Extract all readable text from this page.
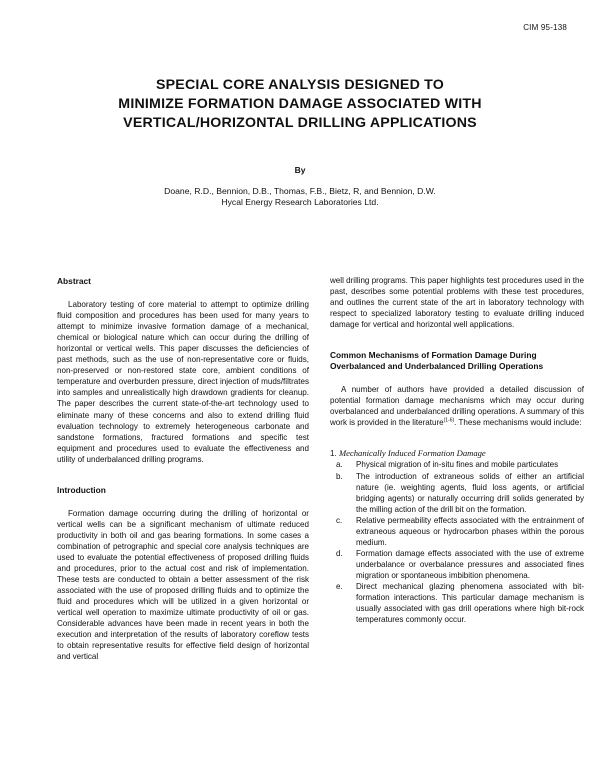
CIM 95-138
SPECIAL CORE ANALYSIS DESIGNED TO
MINIMIZE FORMATION DAMAGE ASSOCIATED WITH
VERTICAL/HORIZONTAL DRILLING APPLICATIONS
By
Doane, R.D., Bennion, D.B., Thomas, F.B., Bietz, R, and Bennion, D.W.
Hycal Energy Research Laboratories Ltd.
Abstract

Laboratory testing of core material to attempt to optimize drilling fluid composition and procedures has been used for many years to attempt to minimize invasive formation damage of a mechanical, chemical or biological nature which can occur during the drilling of horizontal or vertical wells. This paper discusses the deficiencies of past methods, such as the use of non-representative core or fluids, non-preserved or non-restored state core, ambient conditions of temperature and overburden pressure, direct injection of muds/filtrates into samples and unrealistically high drawdown gradients for cleanup. The paper describes the current state-of-the-art technology used to eliminate many of these concerns and also to extend drilling fluid evaluation technology to extremely heterogeneous carbonate and sandstone formations, fractured formations and specific test equipment and procedures used to evaluate the effectiveness and utility of underbalanced drilling programs.

Introduction

Formation damage occurring during the drilling of horizontal or vertical wells can be a significant mechanism of ultimate reduced productivity in both oil and gas bearing formations. In some cases a combination of petrographic and special core analysis techniques are used to evaluate the potential effectiveness of proposed drilling fluids and procedures, prior to the actual cost and risk of implementation. These tests are conducted to obtain a better assessment of the risk associated with the use of proposed drilling fluids and to optimize the fluid and procedures which will be utilized in a given horizontal or vertical well operation to maximize ultimate productivity of oil or gas. Considerable advances have been made in recent years in both the execution and interpretation of the results of laboratory coreflow tests to obtain representative results for effective field design of horizontal and vertical

well drilling programs. This paper highlights test procedures used in the past, describes some potential problems with these test procedures, and outlines the current state of the art in laboratory technology with respect to specialized laboratory testing to evaluate drilling induced damage for vertical and horizontal well applications.

Common Mechanisms of Formation Damage During Overbalanced and Underbalanced Drilling Operations

A number of authors have provided a detailed discussion of potential formation damage mechanisms which may occur during overbalanced and underbalanced drilling operations. A summary of this work is provided in the literature$^{(1-6)}$. These mechanisms would include:

1. Mechanically Induced Formation Damage
a. Physical migration of in-situ fines and mobile particulates
b. The introduction of extraneous solids of either an artificial nature (ie. weighting agents, fluid loss agents, or artificial bridging agents) or naturally occurring drill solids generated by the milling action of the drill bit on the formation.
c. Relative permeability effects associated with the entrainment of extraneous aqueous or hydrocarbon phases within the porous medium.
d. Formation damage effects associated with the use of extreme underbalance or overbalance pressures and associated fines migration or spontaneous imbibition phenomena.
e. Direct mechanical glazing phenomena associated with bit-formation interactions. This particular damage mechanism is usually associated with gas drill operations where high bit-rock temperatures commonly occur.
